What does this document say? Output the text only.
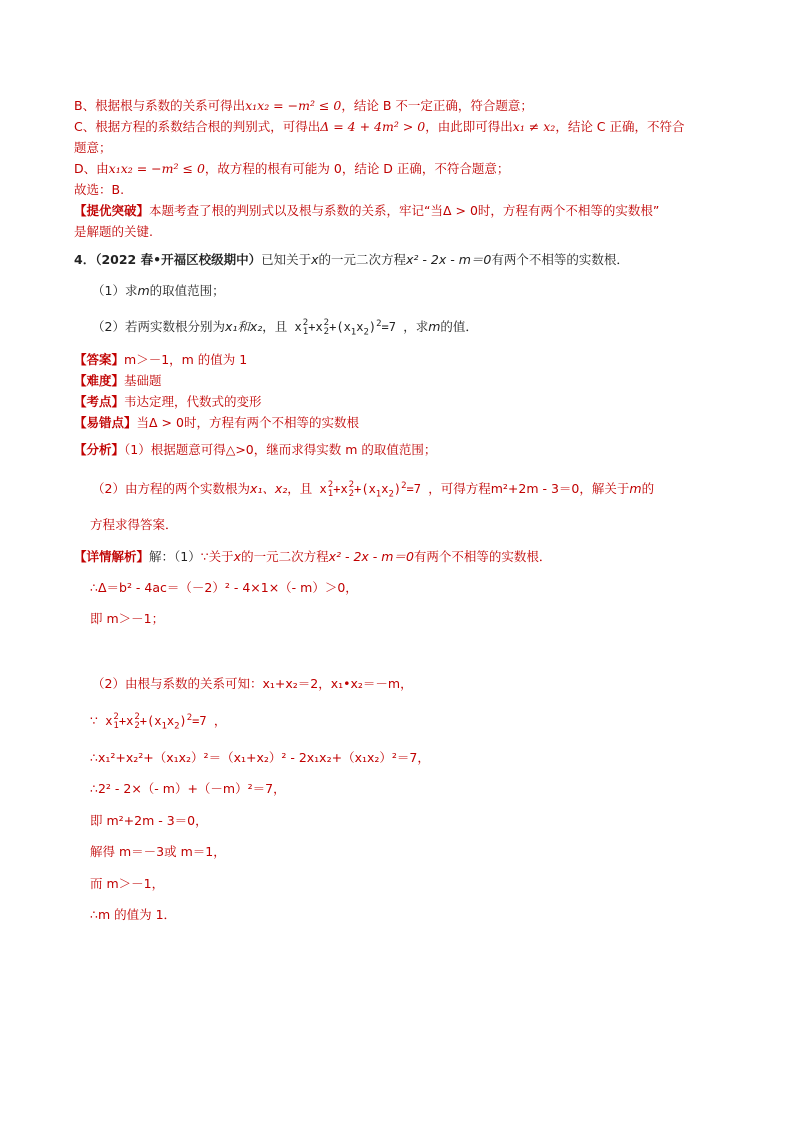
B、根据根与系数的关系可得出x₁x₂ = −m² ≤ 0，结论 B 不一定正确，符合题意；
C、根据方程的系数结合根的判别式，可得出Δ = 4 + 4m² > 0，由此即可得出x₁ ≠ x₂，结论 C 正确，不符合
题意；
D、由x₁x₂ = −m² ≤ 0，故方程的根有可能为 0，结论 D 正确，不符合题意；
故选：B.
【提优突破】本题考查了根的判别式以及根与系数的关系，牢记“当Δ > 0时，方程有两个不相等的实数根”
是解题的关键.
4．（2022 春•开福区校级期中）已知关于x的一元二次方程x² - 2x - m＝0有两个不相等的实数根．
（1）求m的取值范围；
（2）若两实数根分别为x₁和x₂，且 x 2
1 +x 2
$2 +(x_1x_2)^2=7$ ，求m的值．
【答案】m＞－1，m 的值为 1
【难度】基础题
【考点】韦达定理，代数式的变形
【易错点】当Δ > 0时，方程有两个不相等的实数根
【分析】（1）根据题意可得△>0，继而求得实数 m 的取值范围；
（2）由方程的两个实数根为x₁、x₂，且 x 2
1 +x 2
$2 +(x_1x_2)^2=7$ ，可得方程m²+2m - 3＝0，解关于m的
方程求得答案．
【详情解析】解：（1）∵关于x的一元二次方程x² - 2x - m＝0有两个不相等的实数根．
∴Δ＝b² - 4ac＝（－2）² - 4×1×（- m）＞0，
即 m＞－1；
（2）由根与系数的关系可知：x₁+x₂＝2，x₁•x₂＝－m，
∵ x 2
1 +x 2
$2 +(x_1x_2)^2=7$ ，
∴x₁²+x₂²+（x₁x₂）²＝（x₁+x₂）² - 2x₁x₂+（x₁x₂）²＝7，
∴2² - 2×（- m）+（－m）²＝7，
即 m²+2m - 3＝0，
解得 m＝－3或 m＝1，
而 m＞－1，
∴m 的值为 1．
